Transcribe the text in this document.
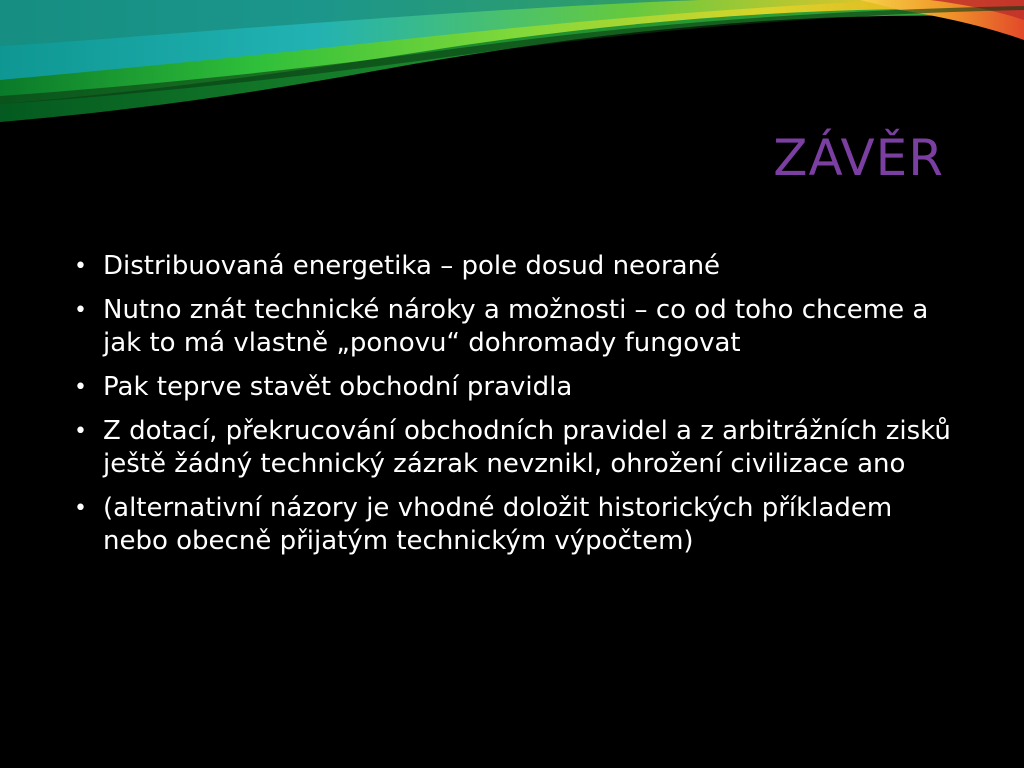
ZÁVĚR
• Distribuovaná energetika – pole dosud neorané
• Nutno znát technické nároky a možnosti – co od toho chceme a jak to má vlastně „ponovu“ dohromady fungovat
• Pak teprve stavět obchodní pravidla
• Z dotací, překrucování obchodních pravidel a z arbitrážních zisků ještě žádný technický zázrak nevznikl, ohrožení civilizace ano
• (alternativní názory je vhodné doložit historických příkladem nebo obecně přijatým technickým výpočtem)
